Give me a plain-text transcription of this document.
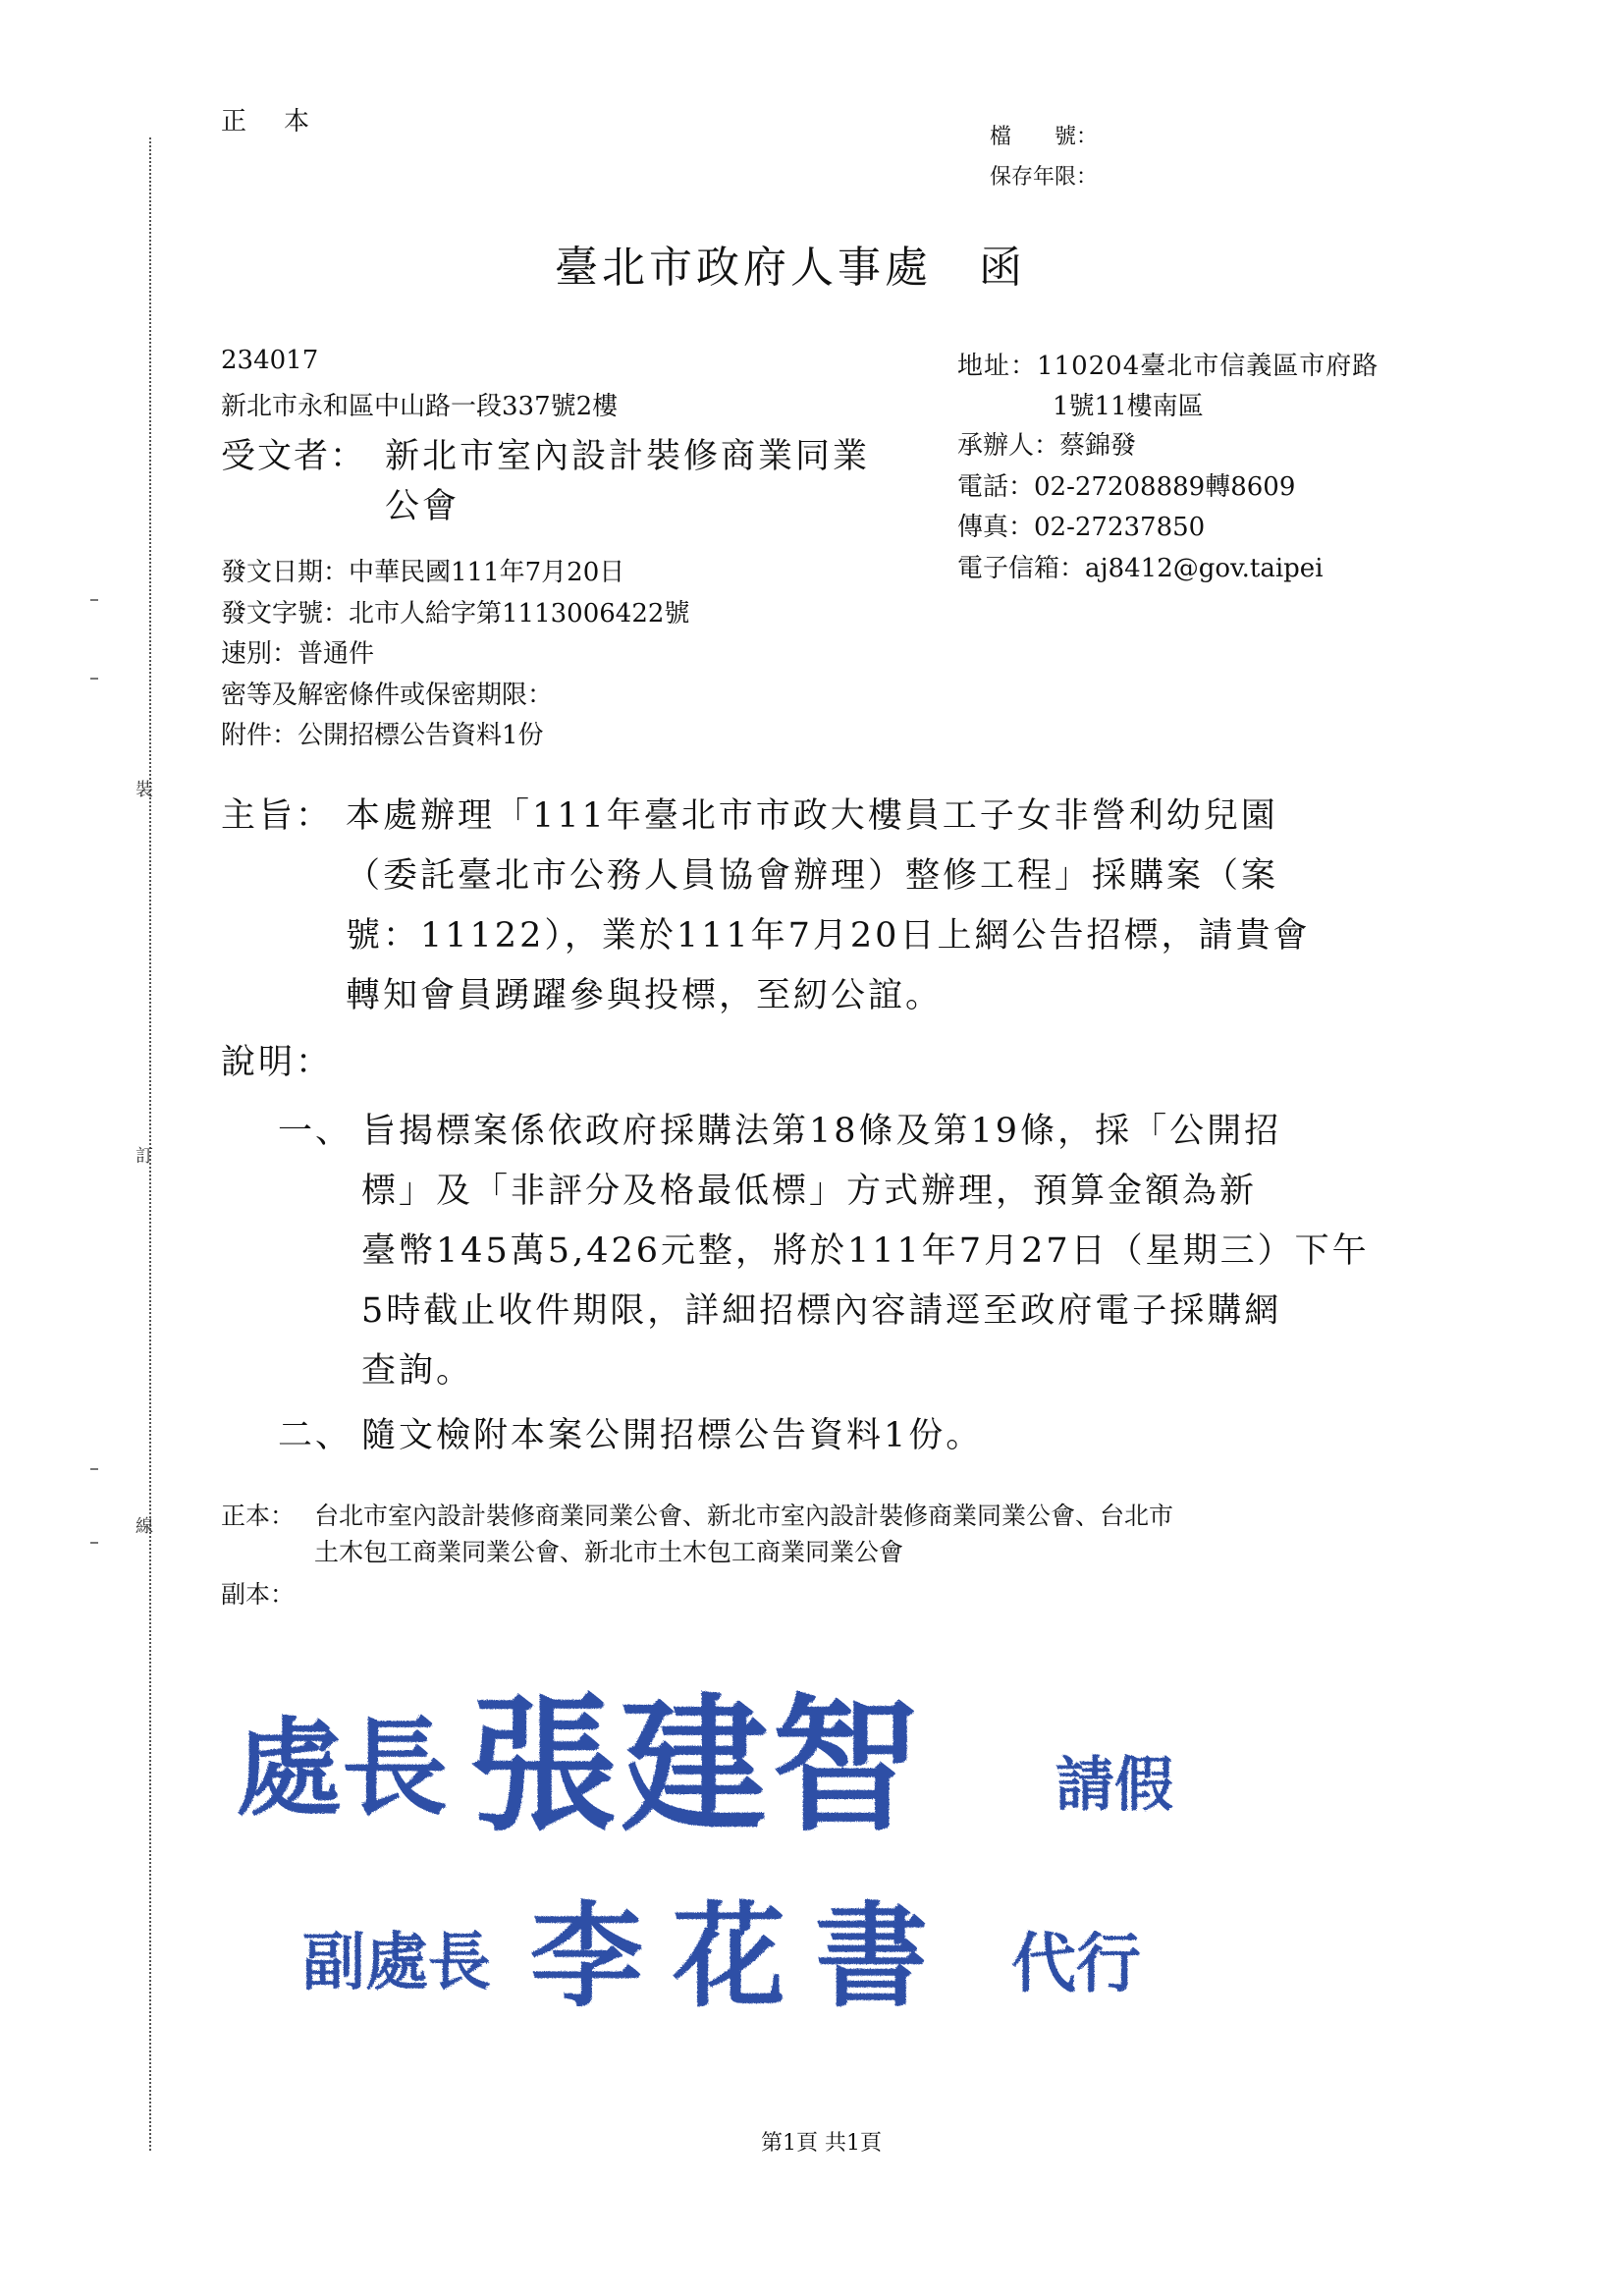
裝
訂
線
正　本
檔　　號：
保存年限：
臺北市政府人事處　函
234017
新北市永和區中山路一段337號2樓
受文者： 新北市室內設計裝修商業同業
公會
地址：110204臺北市信義區市府路
1號11樓南區
承辦人：蔡錦發
電話：02-27208889轉8609
傳真：02-27237850
電子信箱：aj8412@gov.taipei
發文日期：中華民國111年7月20日
發文字號：北市人給字第1113006422號
速別：普通件
密等及解密條件或保密期限：
附件：公開招標公告資料1份
主旨： 本處辦理「111年臺北市市政大樓員工子女非營利幼兒園
（委託臺北市公務人員協會辦理）整修工程」採購案（案
號：11122），業於111年7月20日上網公告招標，請貴會
轉知會員踴躍參與投標，至紉公誼。
說明：
一、 旨揭標案係依政府採購法第18條及第19條，採「公開招
標」及「非評分及格最低標」方式辦理，預算金額為新
臺幣145萬5,426元整，將於111年7月27日（星期三）下午
5時截止收件期限，詳細招標內容請逕至政府電子採購網
查詢。
二、 隨文檢附本案公開招標公告資料1份。
正本： 台北市室內設計裝修商業同業公會、新北市室內設計裝修商業同業公會、台北市
土木包工商業同業公會、新北市土木包工商業同業公會
副本：
處長 張建智 請假
副處長 李花書 代行
第1頁 共1頁
